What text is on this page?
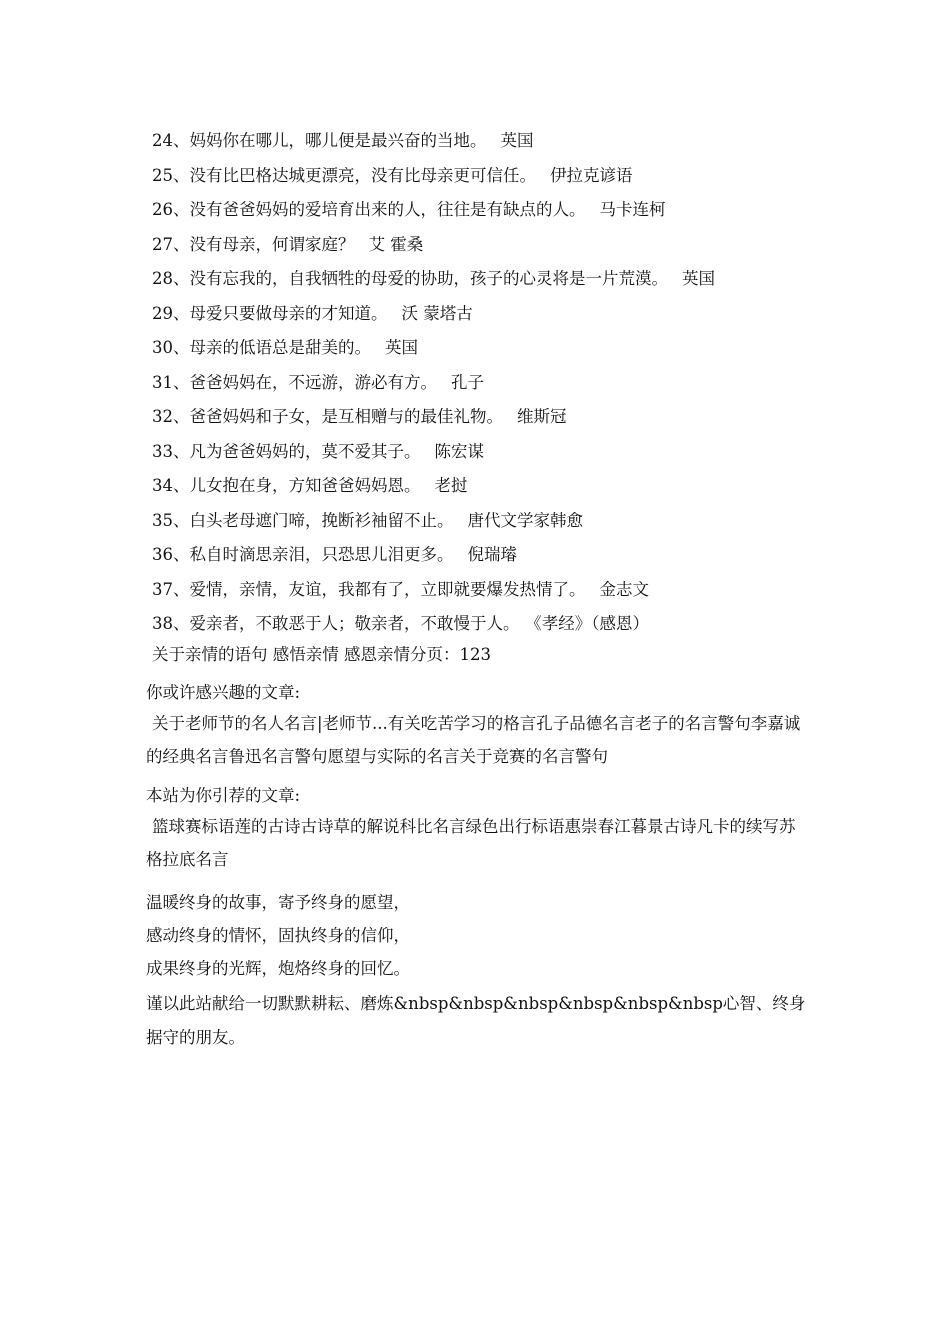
24、妈妈你在哪儿，哪儿便是最兴奋的当地。 英国
25、没有比巴格达城更漂亮，没有比母亲更可信任。 伊拉克谚语
26、没有爸爸妈妈的爱培育出来的人，往往是有缺点的人。 马卡连柯
27、没有母亲，何谓家庭？ 艾 霍桑
28、没有忘我的，自我牺牲的母爱的协助，孩子的心灵将是一片荒漠。 英国
29、母爱只要做母亲的才知道。 沃 蒙塔古
30、母亲的低语总是甜美的。 英国
31、爸爸妈妈在，不远游，游必有方。 孔子
32、爸爸妈妈和子女，是互相赠与的最佳礼物。 维斯冠
33、凡为爸爸妈妈的，莫不爱其子。 陈宏谋
34、儿女抱在身，方知爸爸妈妈恩。 老挝
35、白头老母遮门啼，挽断衫袖留不止。 唐代文学家韩愈
36、私自时滴思亲泪，只恐思儿泪更多。 倪瑞璿
37、爱情，亲情，友谊，我都有了，立即就要爆发热情了。 金志文
38、爱亲者，不敢恶于人；敬亲者，不敢慢于人。 《孝经》（感恩）
关于亲情的语句 感悟亲情 感恩亲情分页：123
你或许感兴趣的文章:
关于老师节的名人名言|老师节...有关吃苦学习的格言孔子品德名言老子的名言警句李嘉诚的经典名言鲁迅名言警句愿望与实际的名言关于竞赛的名言警句
本站为你引荐的文章:
篮球赛标语莲的古诗古诗草的解说科比名言绿色出行标语惠崇春江暮景古诗凡卡的续写苏格拉底名言
温暖终身的故事，寄予终身的愿望，
感动终身的情怀，固执终身的信仰，
成果终身的光辉，炮烙终身的回忆。
谨以此站献给一切默默耕耘、磨炼&nbsp&nbsp&nbsp&nbsp&nbsp&nbsp心智、终身据守的朋友。
